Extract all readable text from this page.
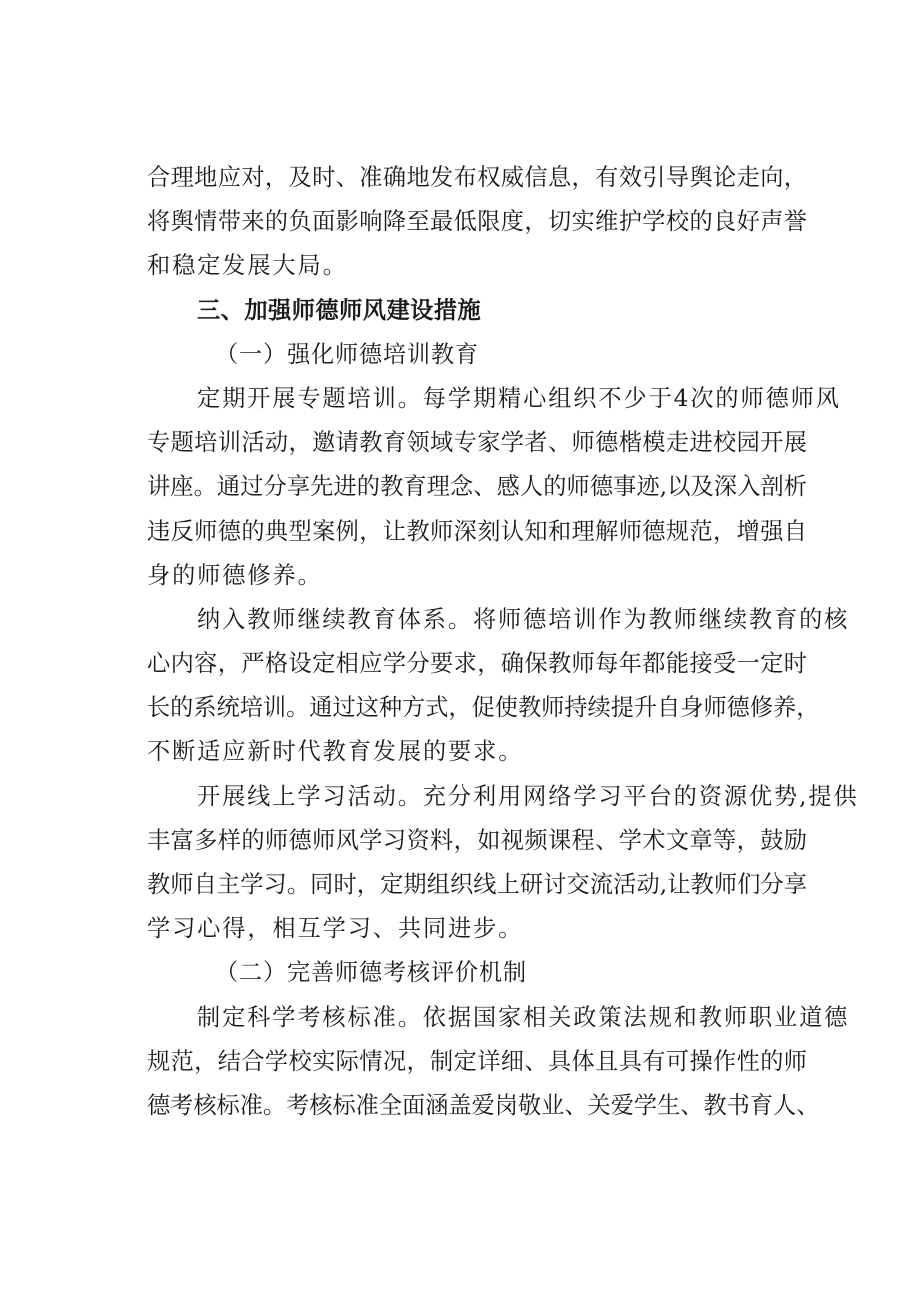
合理地应对，及时、准确地发布权威信息，有效引导舆论走向，
将舆情带来的负面影响降至最低限度，切实维护学校的良好声誉
和稳定发展大局。
三、加强师德师风建设措施
（一）强化师德培训教育
定期开展专题培训。每学期精心组织不少于4次的师德师风
专题培训活动，邀请教育领域专家学者、师德楷模走进校园开展
讲座。通过分享先进的教育理念、感人的师德事迹,以及深入剖析
违反师德的典型案例，让教师深刻认知和理解师德规范，增强自
身的师德修养。
纳入教师继续教育体系。将师德培训作为教师继续教育的核
心内容，严格设定相应学分要求，确保教师每年都能接受一定时
长的系统培训。通过这种方式，促使教师持续提升自身师德修养，
不断适应新时代教育发展的要求。
开展线上学习活动。充分利用网络学习平台的资源优势,提供
丰富多样的师德师风学习资料，如视频课程、学术文章等，鼓励
教师自主学习。同时，定期组织线上研讨交流活动,让教师们分享
学习心得，相互学习、共同进步。
（二）完善师德考核评价机制
制定科学考核标准。依据国家相关政策法规和教师职业道德
规范，结合学校实际情况，制定详细、具体且具有可操作性的师
德考核标准。考核标准全面涵盖爱岗敬业、关爱学生、教书育人、
